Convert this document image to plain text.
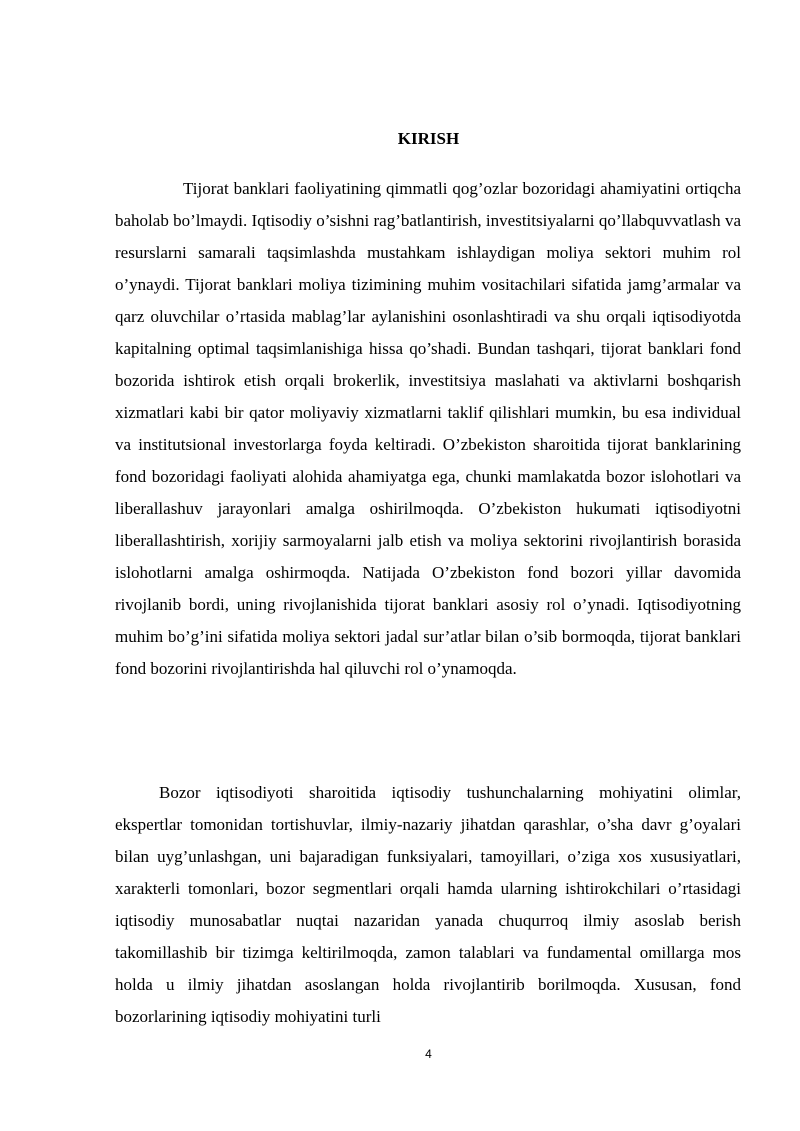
KIRISH

Tijorat banklari faoliyatining qimmatli qog’ozlar bozoridagi ahamiyatini ortiqcha baholab bo’lmaydi. Iqtisodiy o’sishni rag’batlantirish, investitsiyalarni qo’llabquvvatlash va resurslarni samarali taqsimlashda mustahkam ishlaydigan moliya sektori muhim rol o’ynaydi. Tijorat banklari moliya tizimining muhim vositachilari sifatida jamg’armalar va qarz oluvchilar o’rtasida mablag’lar aylanishini osonlashtiradi va shu orqali iqtisodiyotda kapitalning optimal taqsimlanishiga hissa qo’shadi. Bundan tashqari, tijorat banklari fond bozorida ishtirok etish orqali brokerlik, investitsiya maslahati va aktivlarni boshqarish xizmatlari kabi bir qator moliyaviy xizmatlarni taklif qilishlari mumkin, bu esa individual va institutsional investorlarga foyda keltiradi. O’zbekiston sharoitida tijorat banklarining fond bozoridagi faoliyati alohida ahamiyatga ega, chunki mamlakatda bozor islohotlari va liberallashuv jarayonlari amalga oshirilmoqda. O’zbekiston hukumati iqtisodiyotni liberallashtirish, xorijiy sarmoyalarni jalb etish va moliya sektorini rivojlantirish borasida islohotlarni amalga oshirmoqda. Natijada O’zbekiston fond bozori yillar davomida rivojlanib bordi, uning rivojlanishida tijorat banklari asosiy rol o’ynadi. Iqtisodiyotning muhim bo’g’ini sifatida moliya sektori jadal sur’atlar bilan o’sib bormoqda, tijorat banklari fond bozorini rivojlantirishda hal qiluvchi rol o’ynamoqda.

Bozor iqtisodiyoti sharoitida iqtisodiy tushunchalarning mohiyatini olimlar, ekspertlar tomonidan tortishuvlar, ilmiy-nazariy jihatdan qarashlar, o’sha davr g’oyalari bilan uyg’unlashgan, uni bajaradigan funksiyalari, tamoyillari, o’ziga xos xususiyatlari, xarakterli tomonlari, bozor segmentlari orqali hamda ularning ishtirokchilari o’rtasidagi iqtisodiy munosabatlar nuqtai nazaridan yanada chuqurroq ilmiy asoslab berish takomillashib bir tizimga keltirilmoqda, zamon talablari va fundamental omillarga mos holda u ilmiy jihatdan asoslangan holda rivojlantirib borilmoqda. Xususan, fond bozorlarining iqtisodiy mohiyatini turli

4
